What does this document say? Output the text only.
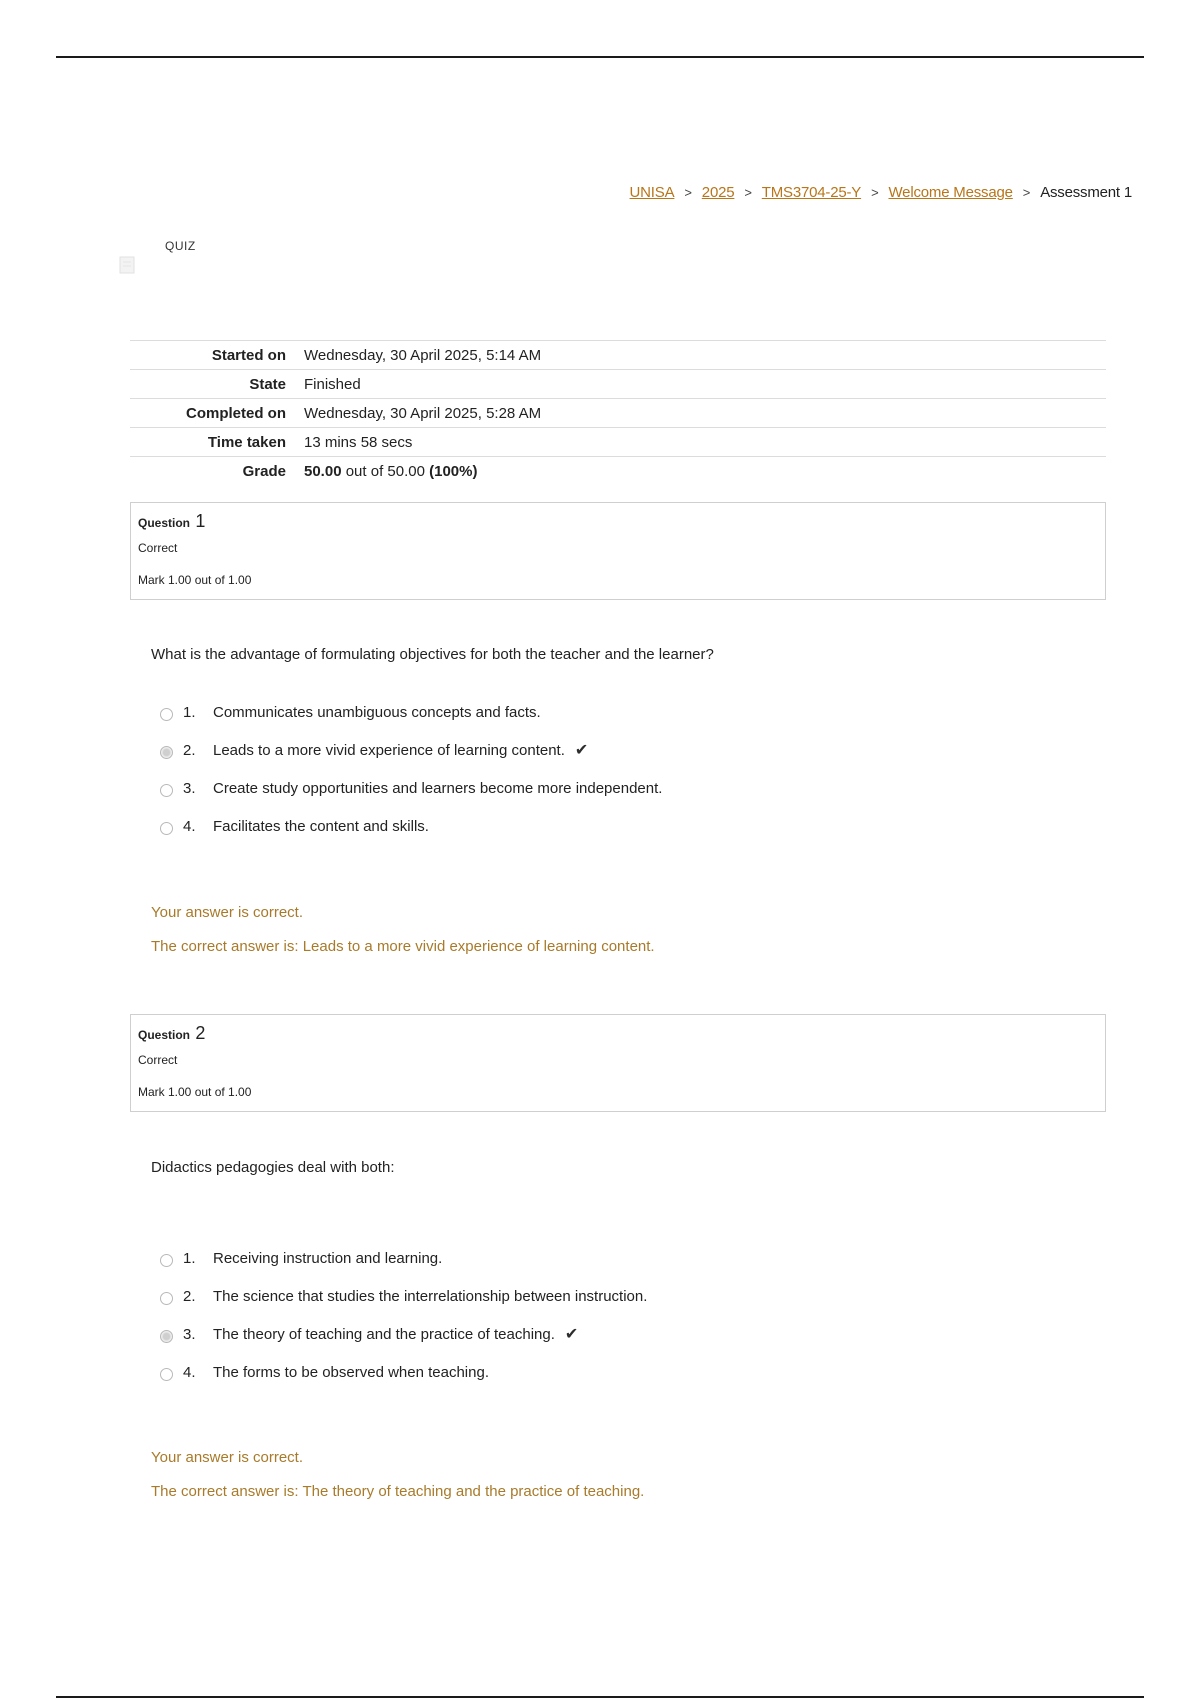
UNISA > 2025 > TMS3704-25-Y > Welcome Message > Assessment 1
QUIZ
Started on	Wednesday, 30 April 2025, 5:14 AM
State	Finished
Completed on	Wednesday, 30 April 2025, 5:28 AM
Time taken	13 mins 58 secs
Grade	50.00 out of 50.00 (100%)
Question 1
Correct
Mark 1.00 out of 1.00
What is the advantage of formulating objectives for both the teacher and the learner?
1.	Communicates unambiguous concepts and facts.
2.	Leads to a more vivid experience of learning content. ✔
3.	Create study opportunities and learners become more independent.
4.	Facilitates the content and skills.
Your answer is correct.
The correct answer is: Leads to a more vivid experience of learning content.
Question 2
Correct
Mark 1.00 out of 1.00
Didactics pedagogies deal with both:
1.	Receiving instruction and learning.
2.	The science that studies the interrelationship between instruction.
3.	The theory of teaching and the practice of teaching. ✔
4.	The forms to be observed when teaching.
Your answer is correct.
The correct answer is: The theory of teaching and the practice of teaching.
